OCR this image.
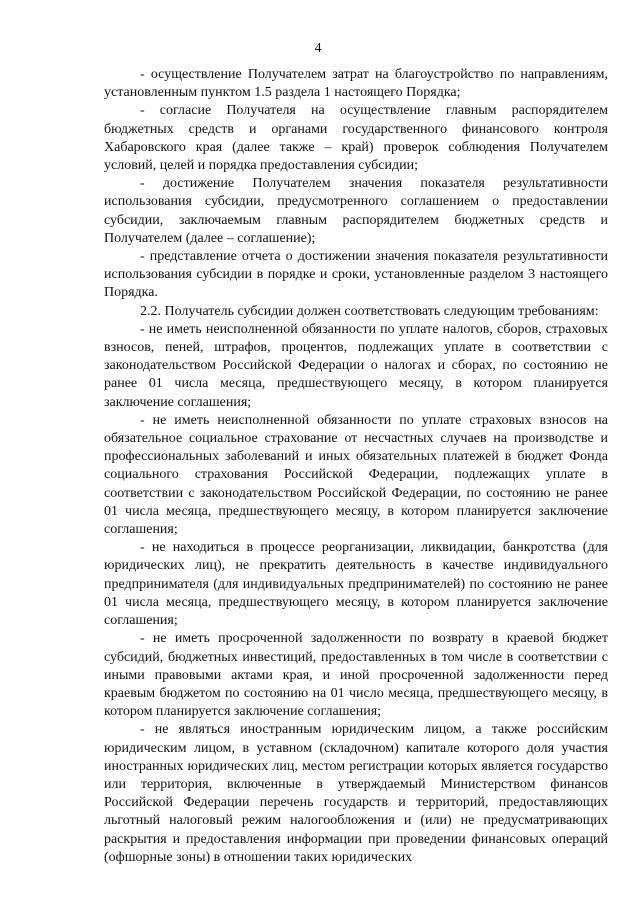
4

- осуществление Получателем затрат на благоустройство по направлениям, установленным пунктом 1.5 раздела 1 настоящего Порядка;

- согласие Получателя на осуществление главным распорядителем бюджетных средств и органами государственного финансового контроля Хабаровского края (далее также – край) проверок соблюдения Получателем условий, целей и порядка предоставления субсидии;

- достижение Получателем значения показателя результативности использования субсидии, предусмотренного соглашением о предоставлении субсидии, заключаемым главным распорядителем бюджетных средств и Получателем (далее – соглашение);

- представление отчета о достижении значения показателя результативности использования субсидии в порядке и сроки, установленные разделом 3 настоящего Порядка.

2.2. Получатель субсидии должен соответствовать следующим требованиям:

- не иметь неисполненной обязанности по уплате налогов, сборов, страховых взносов, пеней, штрафов, процентов, подлежащих уплате в соответствии с законодательством Российской Федерации о налогах и сборах, по состоянию не ранее 01 числа месяца, предшествующего месяцу, в котором планируется заключение соглашения;

- не иметь неисполненной обязанности по уплате страховых взносов на обязательное социальное страхование от несчастных случаев на производстве и профессиональных заболеваний и иных обязательных платежей в бюджет Фонда социального страхования Российской Федерации, подлежащих уплате в соответствии с законодательством Российской Федерации, по состоянию не ранее 01 числа месяца, предшествующего месяцу, в котором планируется заключение соглашения;

- не находиться в процессе реорганизации, ликвидации, банкротства (для юридических лиц), не прекратить деятельность в качестве индивидуального предпринимателя (для индивидуальных предпринимателей) по состоянию не ранее 01 числа месяца, предшествующего месяцу, в котором планируется заключение соглашения;

- не иметь просроченной задолженности по возврату в краевой бюджет субсидий, бюджетных инвестиций, предоставленных в том числе в соответствии с иными правовыми актами края, и иной просроченной задолженности перед краевым бюджетом по состоянию на 01 число месяца, предшествующего месяцу, в котором планируется заключение соглашения;

- не являться иностранным юридическим лицом, а также российским юридическим лицом, в уставном (складочном) капитале которого доля участия иностранных юридических лиц, местом регистрации которых является государство или территория, включенные в утверждаемый Министерством финансов Российской Федерации перечень государств и территорий, предоставляющих льготный налоговый режим налогообложения и (или) не предусматривающих раскрытия и предоставления информации при проведении финансовых операций (офшорные зоны) в отношении таких юридических
